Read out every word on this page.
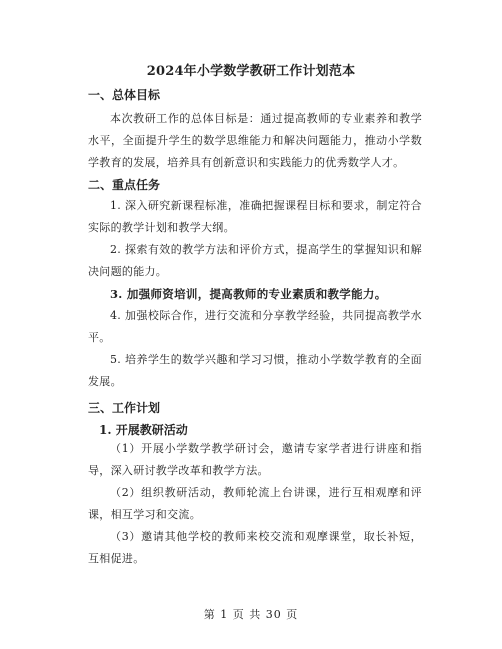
2024年小学数学教研工作计划范本
一、总体目标
本次教研工作的总体目标是：通过提高教师的专业素养和教学水平，全面提升学生的数学思维能力和解决问题能力，推动小学数学教育的发展，培养具有创新意识和实践能力的优秀数学人才。
二、重点任务
1. 深入研究新课程标准，准确把握课程目标和要求，制定符合实际的教学计划和教学大纲。
2. 探索有效的教学方法和评价方式，提高学生的掌握知识和解决问题的能力。
3. 加强师资培训，提高教师的专业素质和教学能力。
4. 加强校际合作，进行交流和分享教学经验，共同提高教学水平。
5. 培养学生的数学兴趣和学习习惯，推动小学数学教育的全面发展。
三、工作计划
1. 开展教研活动
（1）开展小学数学教学研讨会，邀请专家学者进行讲座和指导，深入研讨教学改革和教学方法。
（2）组织教研活动，教师轮流上台讲课，进行互相观摩和评课，相互学习和交流。
（3）邀请其他学校的教师来校交流和观摩课堂，取长补短，互相促进。
第 1 页 共 30 页
